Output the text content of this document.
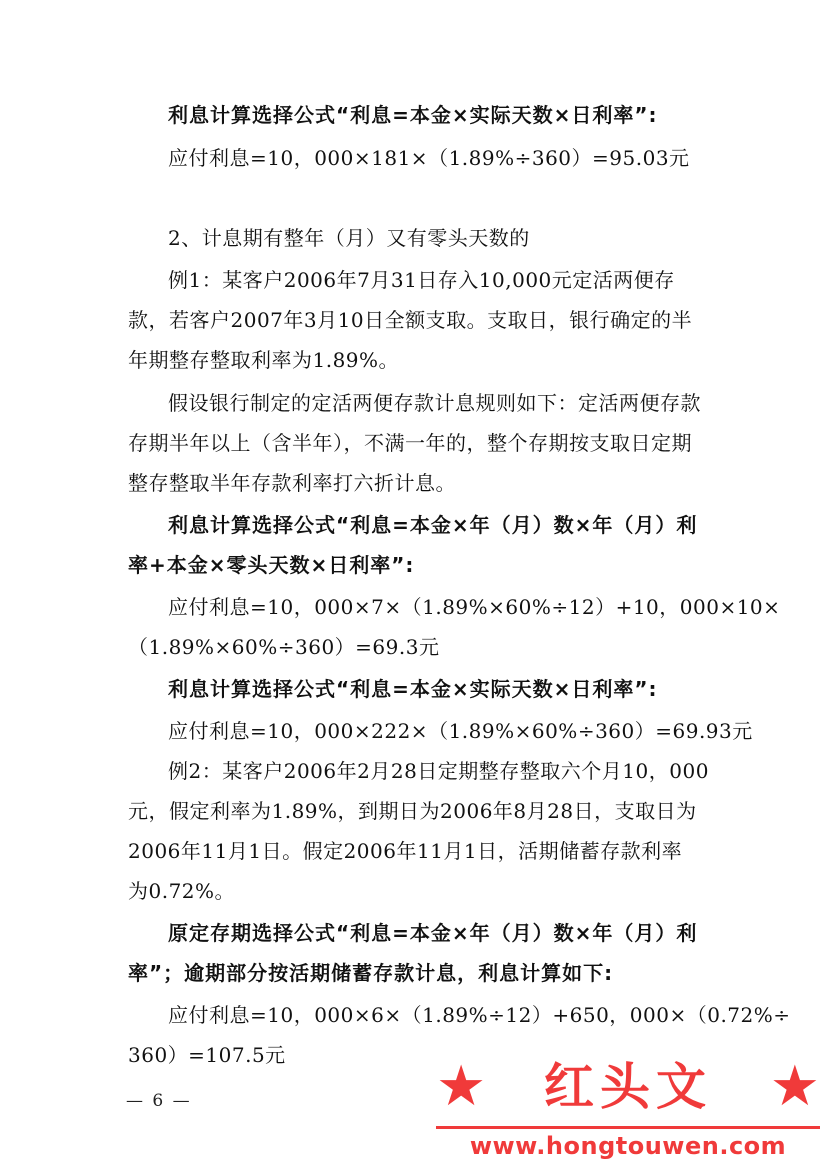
利息计算选择公式“利息=本金×实际天数×日利率”:
应付利息=10，000×181×（1.89%÷360）=95.03元
2、计息期有整年（月）又有零头天数的
例1：某客户2006年7月31日存入10,000元定活两便存
款，若客户2007年3月10日全额支取。支取日，银行确定的半
年期整存整取利率为1.89%。
假设银行制定的定活两便存款计息规则如下：定活两便存款
存期半年以上（含半年），不满一年的，整个存期按支取日定期
整存整取半年存款利率打六折计息。
利息计算选择公式“利息=本金×年（月）数×年（月）利
率+本金×零头天数×日利率”:
应付利息=10，000×7×（1.89%×60%÷12）+10，000×10×
（1.89%×60%÷360）=69.3元
利息计算选择公式“利息=本金×实际天数×日利率”:
应付利息=10，000×222×（1.89%×60%÷360）=69.93元
例2：某客户2006年2月28日定期整存整取六个月10，000
元，假定利率为1.89%，到期日为2006年8月28日，支取日为
2006年11月1日。假定2006年11月1日，活期储蓄存款利率
为0.72%。
原定存期选择公式“利息=本金×年（月）数×年（月）利
率”；逾期部分按活期储蓄存款计息，利息计算如下:
应付利息=10，000×6×（1.89%÷12）+650，000×（0.72%÷
360）=107.5元
— 6 —	★ 红头文 ★
www.hongtouwen.com
